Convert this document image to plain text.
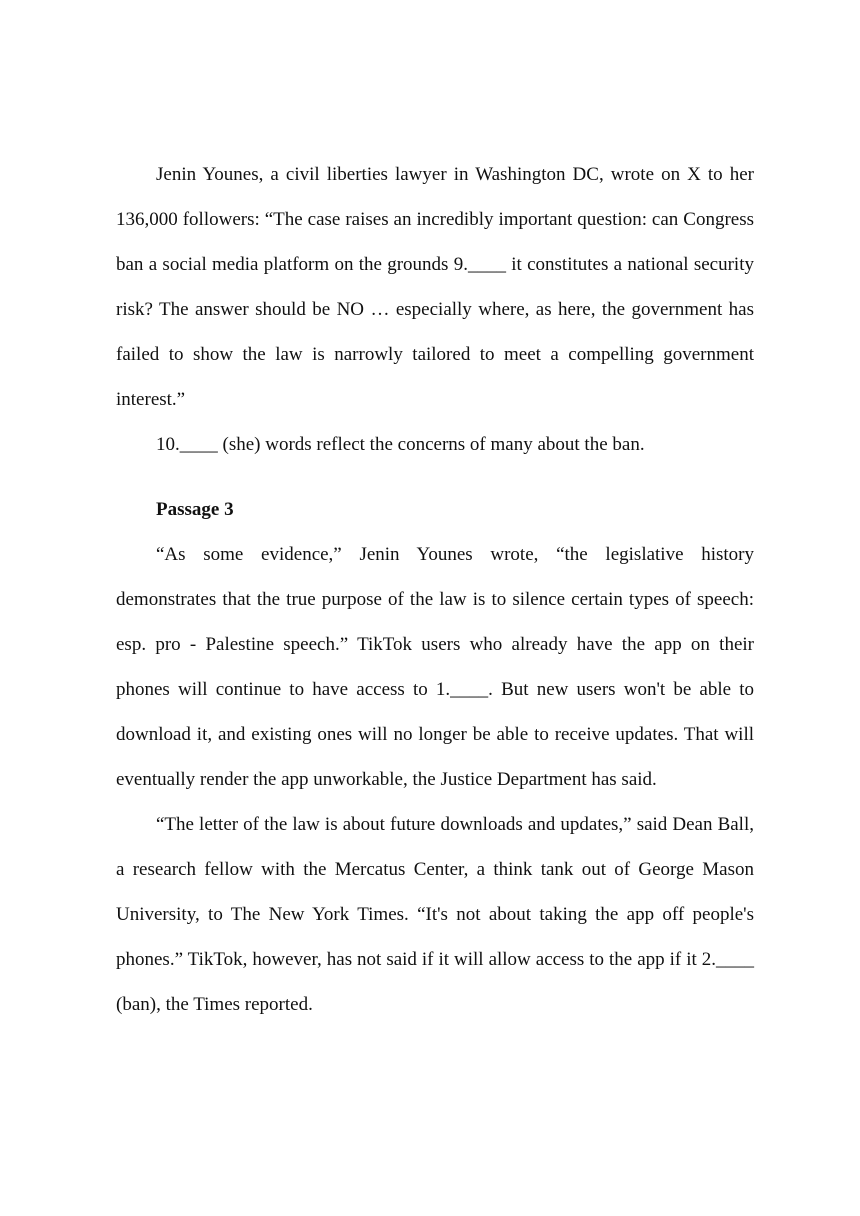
Jenin Younes, a civil liberties lawyer in Washington DC, wrote on X to her 136,000 followers: “The case raises an incredibly important question: can Congress ban a social media platform on the grounds 9.____ it constitutes a national security risk? The answer should be NO … especially where, as here, the government has failed to show the law is narrowly tailored to meet a compelling government interest.”

10.____ (she) words reflect the concerns of many about the ban.

Passage 3

“As some evidence,” Jenin Younes wrote, “the legislative history demonstrates that the true purpose of the law is to silence certain types of speech: esp. pro - Palestine speech.” TikTok users who already have the app on their phones will continue to have access to 1.____. But new users won't be able to download it, and existing ones will no longer be able to receive updates. That will eventually render the app unworkable, the Justice Department has said.

“The letter of the law is about future downloads and updates,” said Dean Ball, a research fellow with the Mercatus Center, a think tank out of George Mason University, to The New York Times. “It's not about taking the app off people's phones.” TikTok, however, has not said if it will allow access to the app if it 2.____ (ban), the Times reported.
